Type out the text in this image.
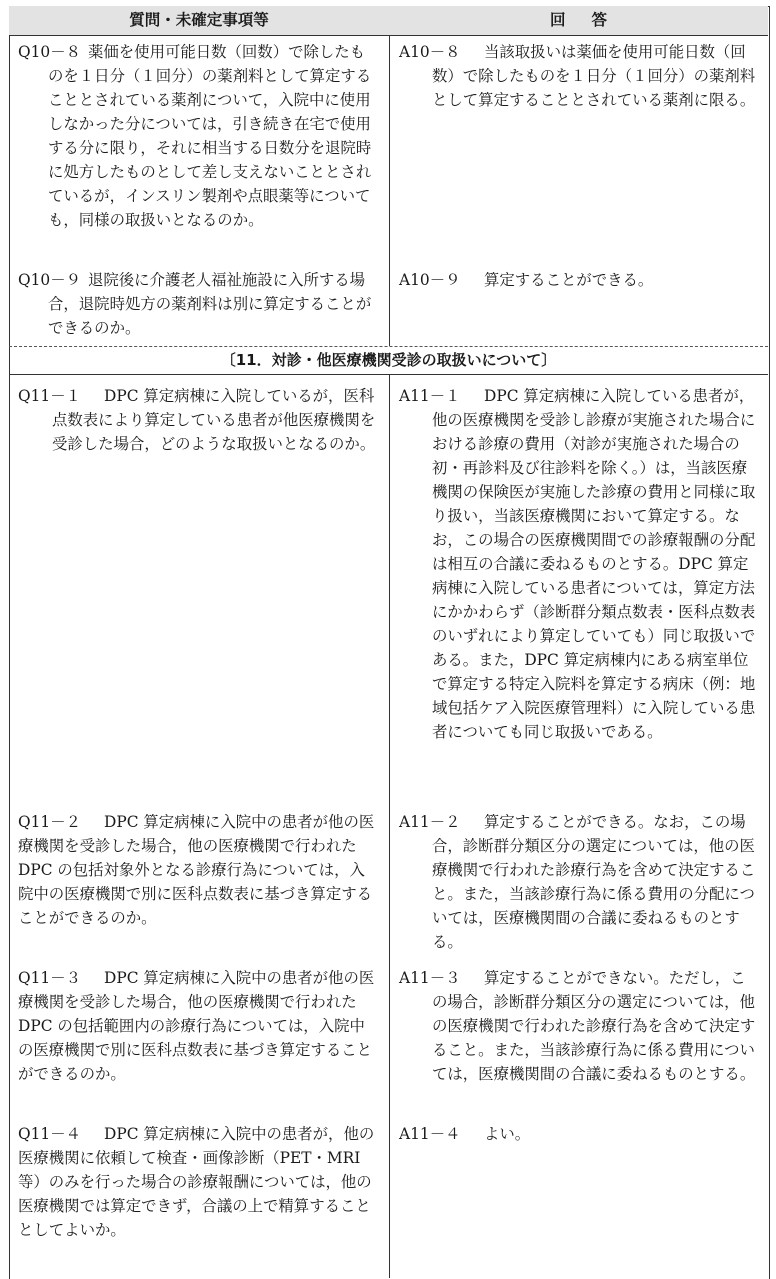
質問・未確定事項等	回答
Q10－８ 薬価を使用可能日数（回数）で除したものを１日分（１回分）の薬剤料として算定することとされている薬剤について，入院中に使用しなかった分については，引き続き在宅で使用する分に限り，それに相当する日数分を退院時に処方したものとして差し支えないこととされているが，インスリン製剤や点眼薬等についても，同様の取扱いとなるのか。
A10－８	当該取扱いは薬価を使用可能日数（回数）で除したものを１日分（１回分）の薬剤料として算定することとされている薬剤に限る。
Q10－９ 退院後に介護老人福祉施設に入所する場合，退院時処方の薬剤料は別に算定することができるのか。
A10－９	算定することができる。
〔11．対診・他医療機関受診の取扱いについて〕
Q11－１	DPC 算定病棟に入院しているが，医科点数表により算定している患者が他医療機関を受診した場合，どのような取扱いとなるのか。
A11－１	DPC 算定病棟に入院している患者が，他の医療機関を受診し診療が実施された場合における診療の費用（対診が実施された場合の初・再診料及び往診料を除く。）は，当該医療機関の保険医が実施した診療の費用と同様に取り扱い，当該医療機関において算定する。なお，この場合の医療機関間での診療報酬の分配は相互の合議に委ねるものとする。DPC 算定病棟に入院している患者については，算定方法にかかわらず（診断群分類点数表・医科点数表のいずれにより算定していても）同じ取扱いである。また，DPC 算定病棟内にある病室単位で算定する特定入院料を算定する病床（例：地域包括ケア入院医療管理料）に入院している患者についても同じ取扱いである。
Q11－２	DPC 算定病棟に入院中の患者が他の医療機関を受診した場合，他の医療機関で行われた DPC の包括対象外となる診療行為については，入院中の医療機関で別に医科点数表に基づき算定することができるのか。
A11－２	算定することができる。なお，この場合，診断群分類区分の選定については，他の医療機関で行われた診療行為を含めて決定すること。また，当該診療行為に係る費用の分配については，医療機関間の合議に委ねるものとする。
Q11－３	DPC 算定病棟に入院中の患者が他の医療機関を受診した場合，他の医療機関で行われた DPC の包括範囲内の診療行為については，入院中の医療機関で別に医科点数表に基づき算定することができるのか。
A11－３	算定することができない。ただし，この場合，診断群分類区分の選定については，他の医療機関で行われた診療行為を含めて決定すること。また，当該診療行為に係る費用については，医療機関間の合議に委ねるものとする。
Q11－４	DPC 算定病棟に入院中の患者が，他の医療機関に依頼して検査・画像診断（PET・MRI 等）のみを行った場合の診療報酬については，他の医療機関では算定できず，合議の上で精算することとしてよいか。
A11－４	よい。
